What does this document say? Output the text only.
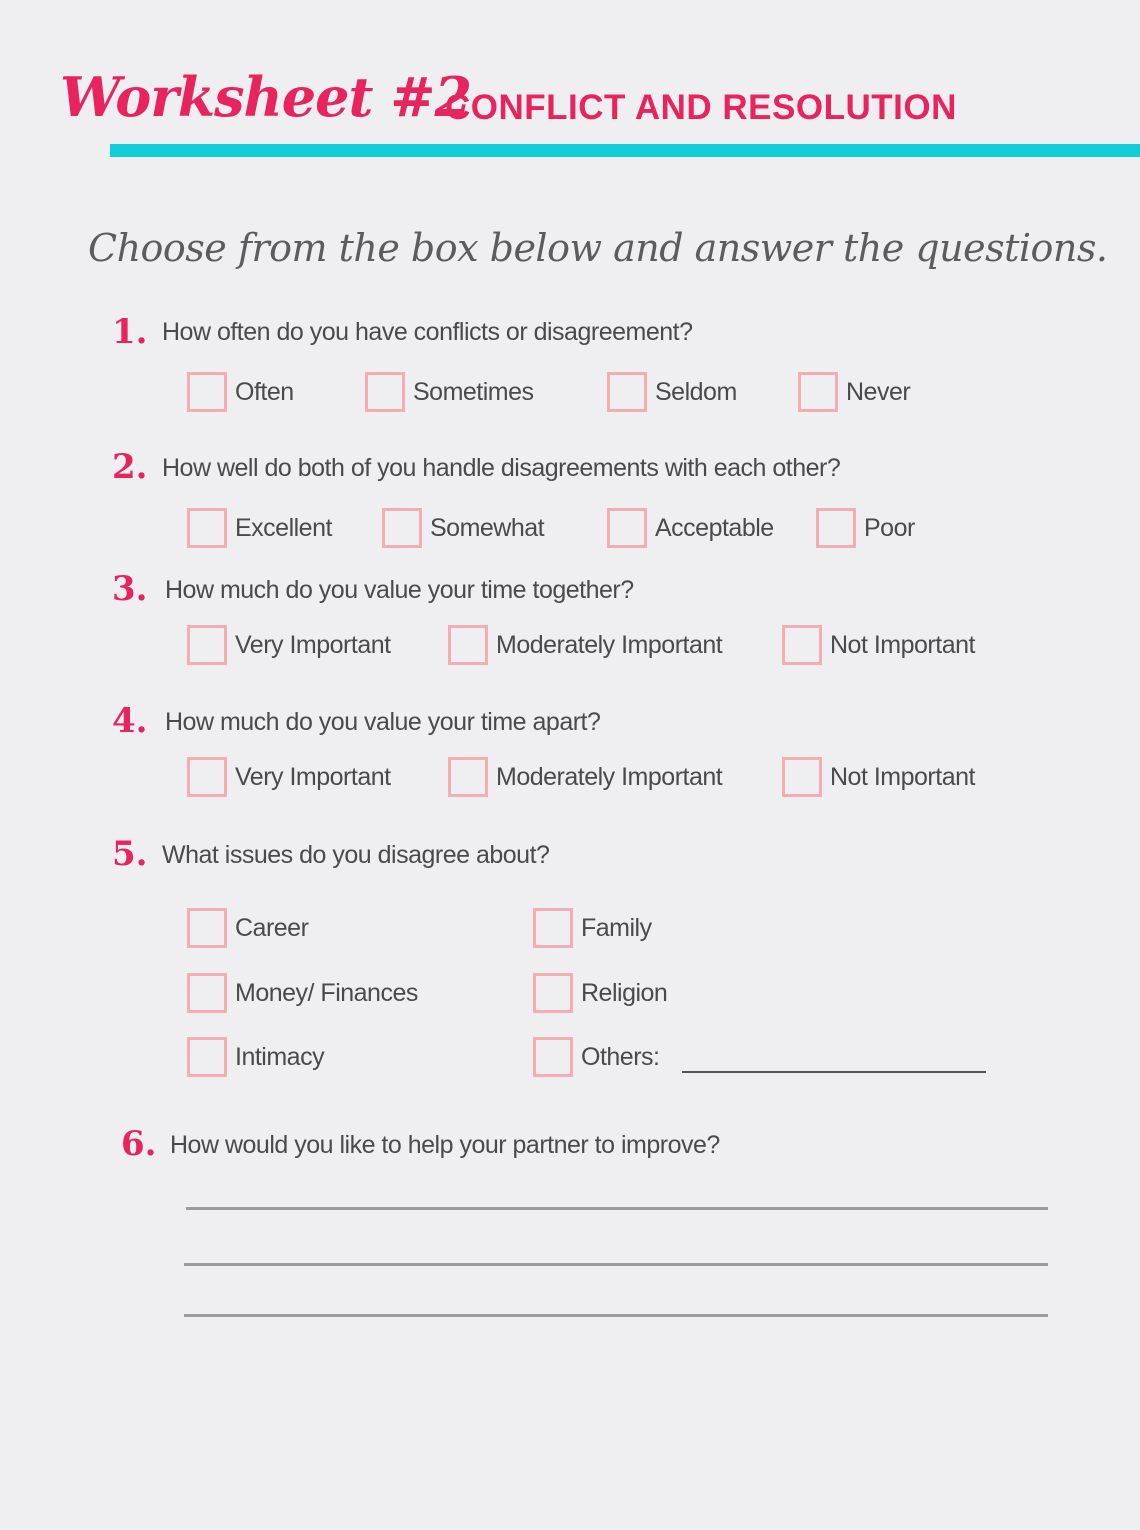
Worksheet #2
CONFLICT AND RESOLUTION
Choose from the box below and answer the questions.
1. How often do you have conflicts or disagreement?
Often	Sometimes	Seldom	Never
2. How well do both of you handle disagreements with each other?
Excellent	Somewhat	Acceptable	Poor
3. How much do you value your time together?
Very Important	Moderately Important	Not Important
4. How much do you value your time apart?
Very Important	Moderately Important	Not Important
5. What issues do you disagree about?
Career	Family
Money/ Finances	Religion
Intimacy	Others:
6. How would you like to help your partner to improve?
